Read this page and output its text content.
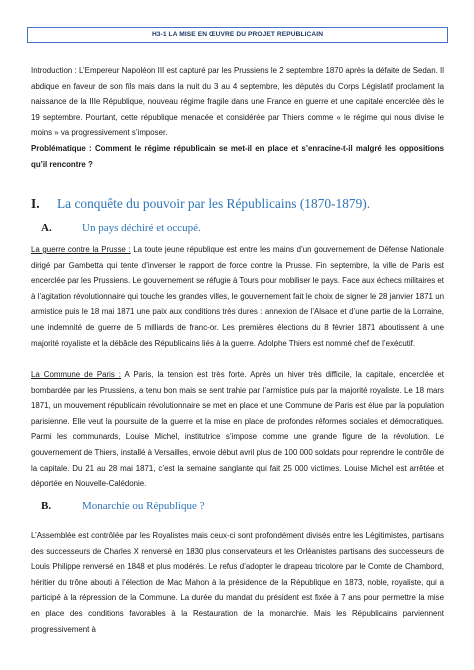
H3-1 LA MISE EN ŒUVRE DU PROJET REPUBLICAIN

Introduction : L’Empereur Napoléon III est capturé par les Prussiens le 2 septembre 1870 après la défaite de Sedan. Il abdique en faveur de son fils mais dans la nuit du 3 au 4 septembre, les députés du Corps Législatif proclament la naissance de la IIIe République, nouveau régime fragile dans une France en guerre et une capitale encerclée dès le 19 septembre. Pourtant, cette république menacée et considérée par Thiers comme « le régime qui nous divise le moins » va progressivement s’imposer.

Problématique : Comment le régime républicain se met-il en place et s’enracine-t-il malgré les oppositions qu’il rencontre ?

I. La conquête du pouvoir par les Républicains (1870-1879).
A.	Un pays déchiré et occupé.

La guerre contre la Prusse : La toute jeune république est entre les mains d’un gouvernement de Défense Nationale dirigé par Gambetta qui tente d’inverser le rapport de force contre la Prusse. Fin septembre, la ville de Paris est encerclée par les Prussiens. Le gouvernement se réfugie à Tours pour mobiliser le pays. Face aux échecs militaires et à l’agitation révolutionnaire qui touche les grandes villes, le gouvernement fait le choix de signer le 28 janvier 1871 un armistice puis le 18 mai 1871 une paix aux conditions très dures : annexion de l’Alsace et d’une partie de la Lorraine, une indemnité de guerre de 5 milliards de franc-or. Les premières élections du 8 février 1871 aboutissent à une majorité royaliste et la débâcle des Républicains liés à la guerre. Adolphe Thiers est nommé chef de l’exécutif.

La Commune de Paris : A Paris, la tension est très forte. Après un hiver très difficile, la capitale, encerclée et bombardée par les Prussiens, a tenu bon mais se sent trahie par l’armistice puis par la majorité royaliste. Le 18 mars 1871, un mouvement républicain révolutionnaire se met en place et une Commune de Paris est élue par la population parisienne. Elle veut la poursuite de la guerre et la mise en place de profondes réformes sociales et démocratiques. Parmi les communards, Louise Michel, institutrice s’impose comme une grande figure de la révolution. Le gouvernement de Thiers, installé à Versailles, envoie début avril plus de 100 000 soldats pour reprendre le contrôle de la capitale. Du 21 au 28 mai 1871, c’est la semaine sanglante qui fait 25 000 victimes. Louise Michel est arrêtée et déportée en Nouvelle-Calédonie.

B.	Monarchie ou République ?

L’Assemblée est contrôlée par les Royalistes mais ceux-ci sont profondément divisés entre les Légitimistes, partisans des successeurs de Charles X renversé en 1830 plus conservateurs et les Orléanistes partisans des successeurs de Louis Philippe renversé en 1848 et plus modérés. Le refus d’adopter le drapeau tricolore par le Comte de Chambord, héritier du trône abouti à l’élection de Mac Mahon à la présidence de la République en 1873, noble, royaliste, qui a participé à la répression de la Commune. La durée du mandat du président est fixée à 7 ans pour permettre la mise en place des conditions favorables à la Restauration de la monarchie. Mais les Républicains parviennent progressivement à
